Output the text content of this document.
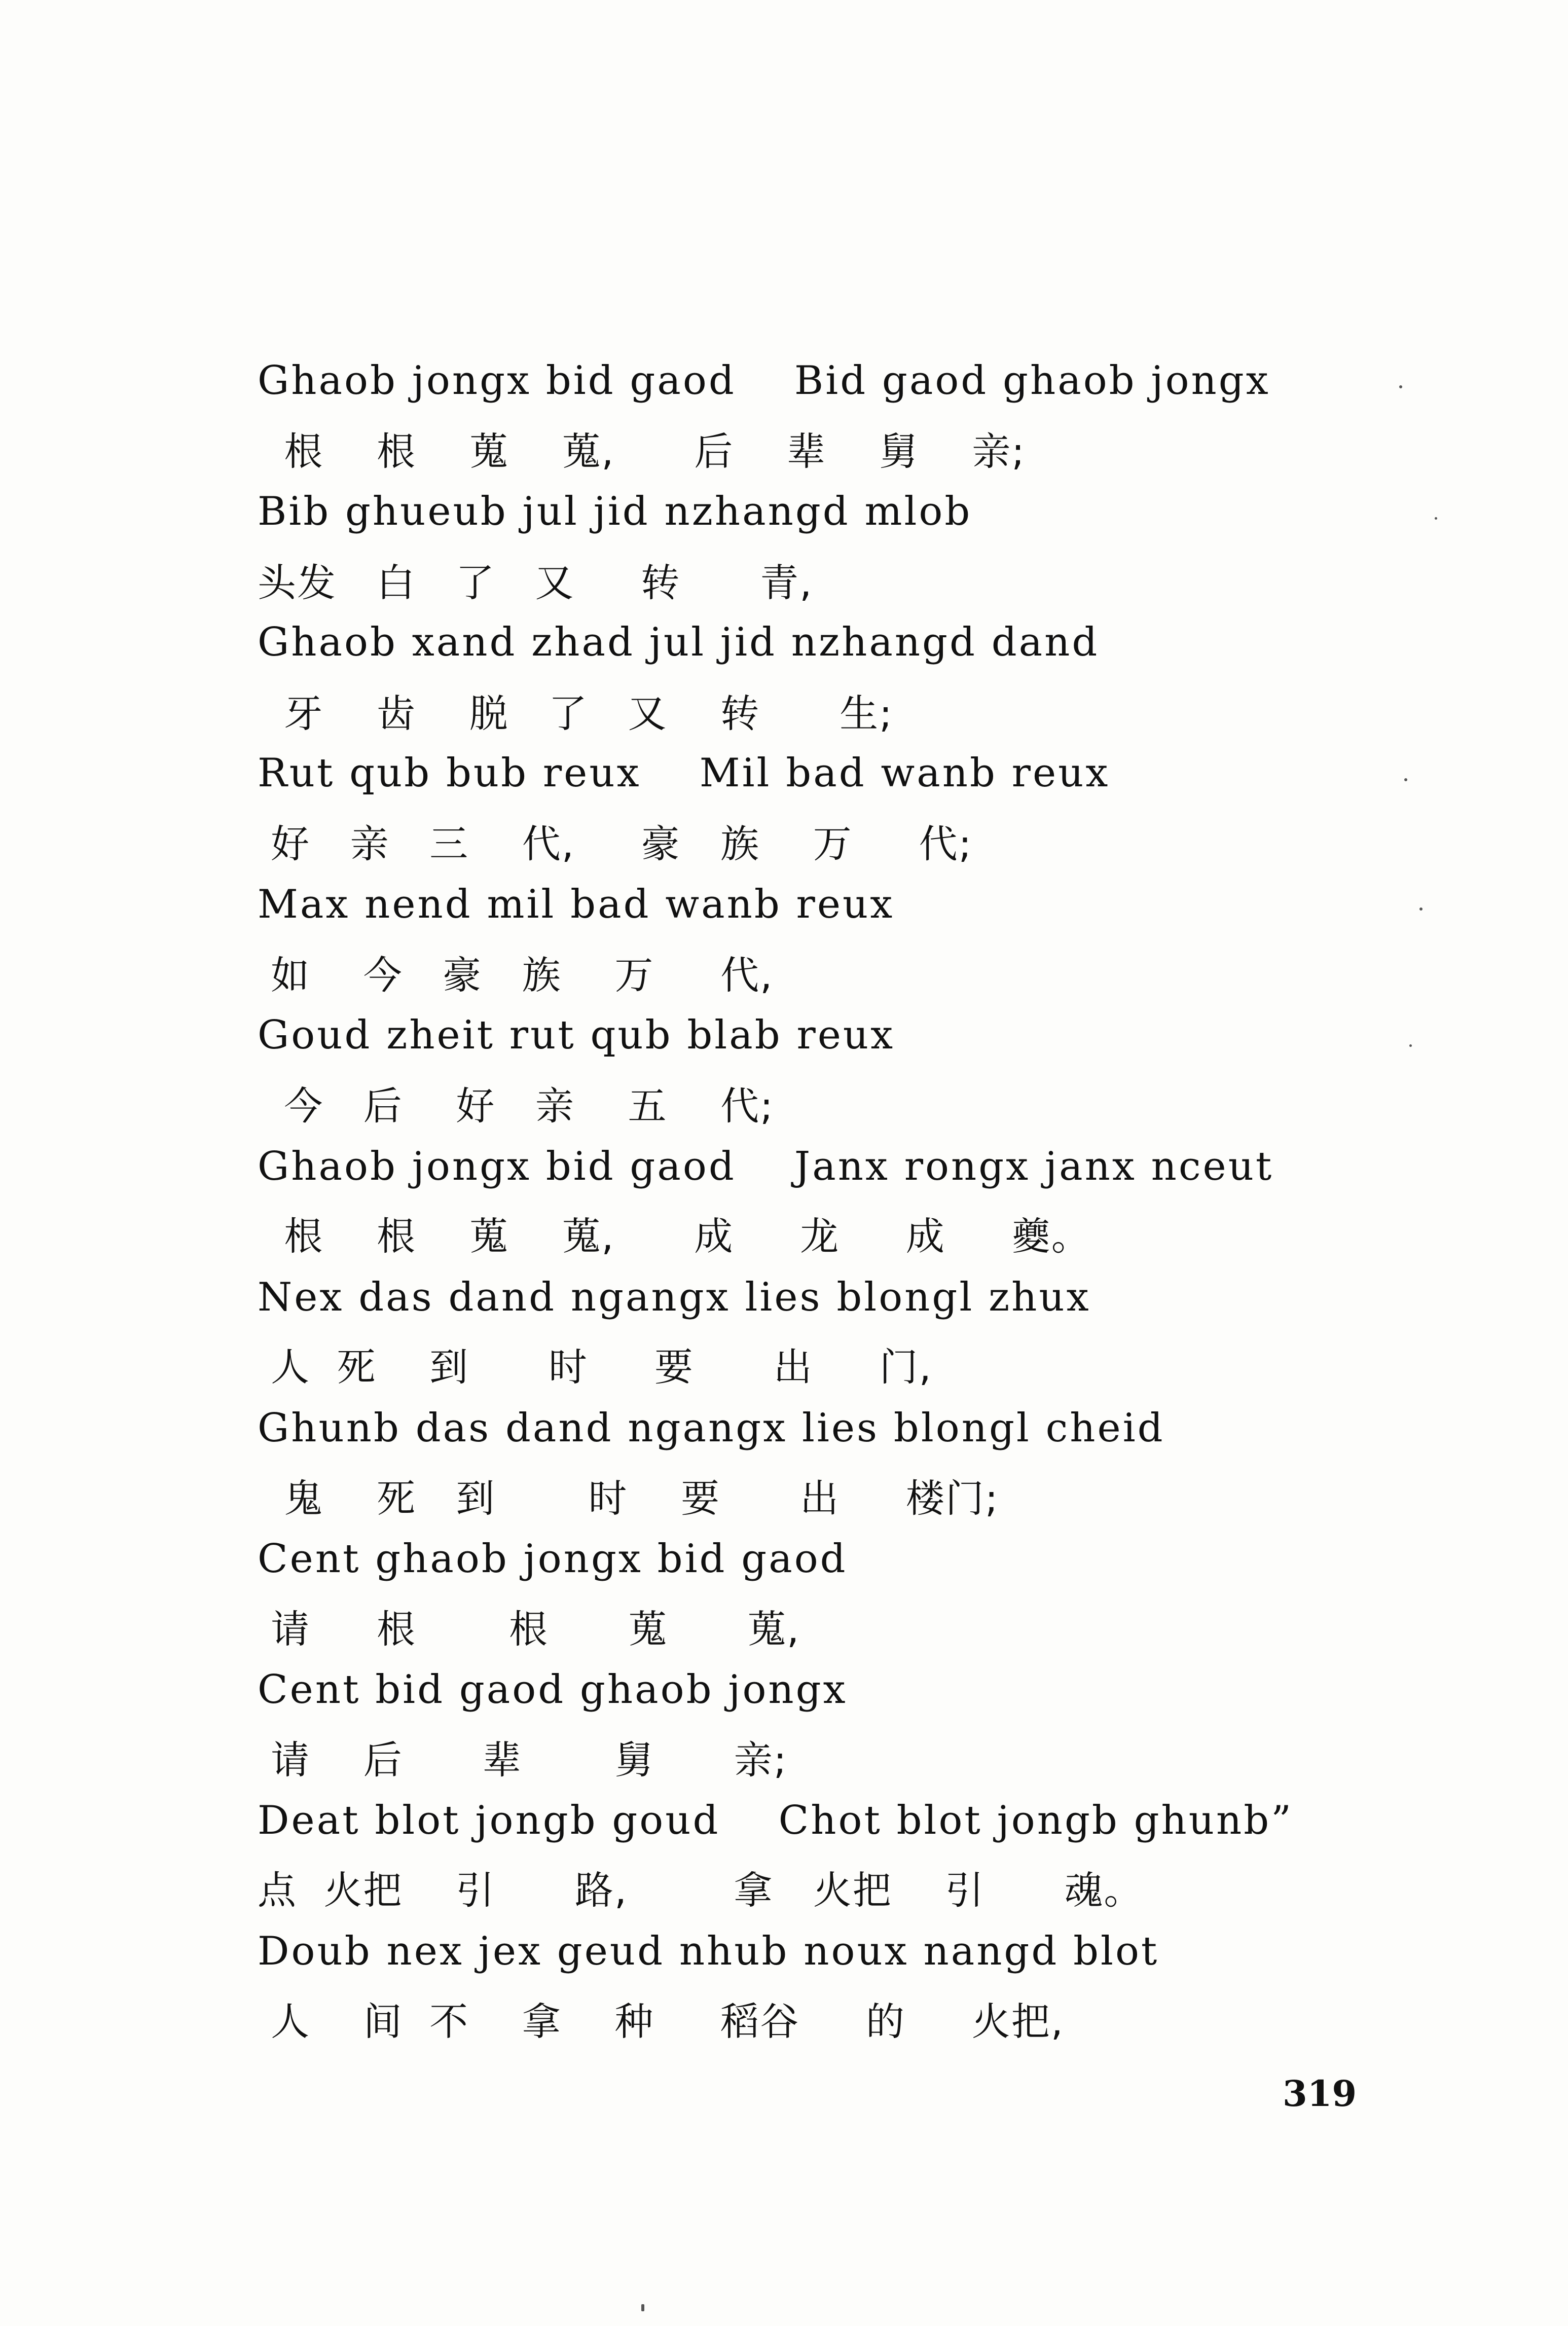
Ghaob jongx bid gaod    Bid gaod ghaob jongx
根    根    蒐    蒐,      后    辈    舅    亲;
Bib ghueub jul jid nzhangd mlob
头发   白   了   又     转      青,
Ghaob xand zhad jul jid nzhangd dand
牙    齿    脱   了   又    转      生;
Rut qub bub reux    Mil bad wanb reux
好   亲   三    代,     豪   族    万     代;
Max nend mil bad wanb reux
如    今   豪   族    万     代,
Goud zheit rut qub blab reux
今   后    好   亲    五    代;
Ghaob jongx bid gaod    Janx rongx janx nceut
根    根    蒐    蒐,      成     龙     成     夔。
Nex das dand ngangx lies blongl zhux
人  死    到      时     要      出     门,
Ghunb das dand ngangx lies blongl cheid
鬼    死   到       时    要      出     楼门;
Cent ghaob jongx bid gaod
请     根       根      蒐      蒐,
Cent bid gaod ghaob jongx
请    后      辈       舅      亲;
Deat blot jongb goud    Chot blot jongb ghunb”
点  火把    引      路,        拿   火把    引      魂。
Doub nex jex geud nhub noux nangd blot
人    间  不    拿    种     稻谷     的     火把,
319
